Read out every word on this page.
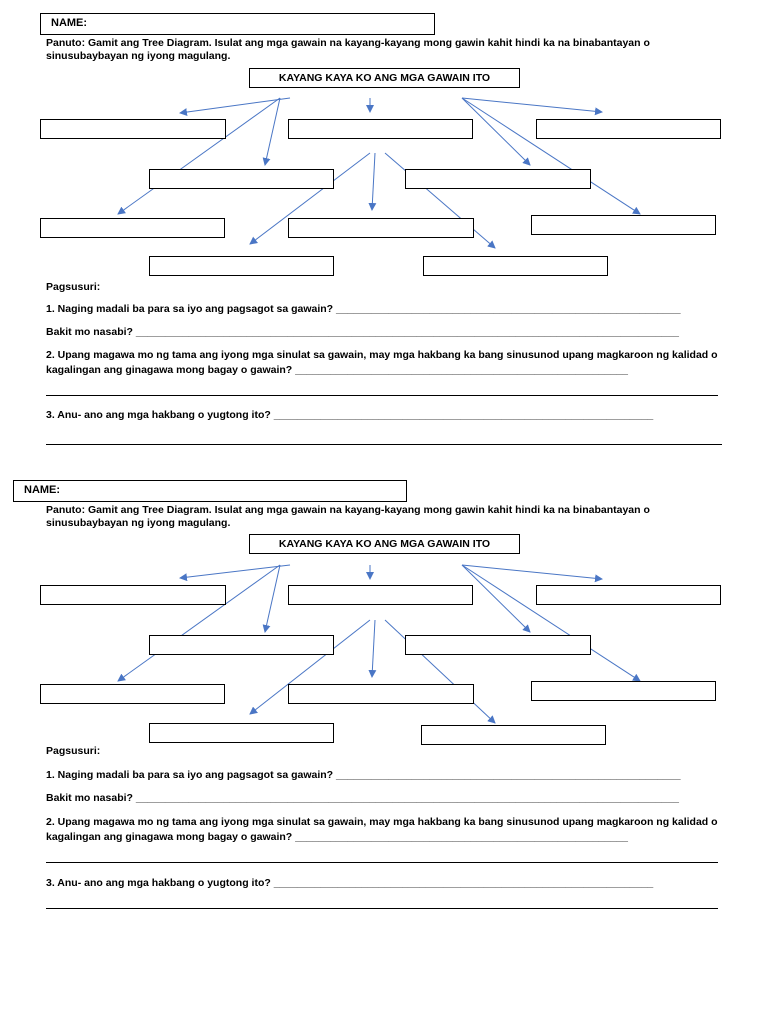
NAME:
Panuto: Gamit ang Tree Diagram. Isulat ang mga gawain na kayang-kayang mong gawin kahit hindi ka na binabantayan o sinusubaybayan ng iyong magulang.
KAYANG KAYA KO ANG MGA GAWAIN ITO
Pagsusuri:
1. Naging madali ba para sa iyo ang pagsagot sa gawain? ___________________________________________________________
Bakit mo nasabi? _____________________________________________________________________________________________
2. Upang magawa mo ng tama ang iyong mga sinulat sa gawain, may mga hakbang ka bang sinusunod upang magkaroon ng kalidad o kagalingan ang ginagawa mong bagay o gawain? _________________________________________________________
3. Anu- ano ang mga hakbang o yugtong ito? _________________________________________________________________
NAME:
Panuto: Gamit ang Tree Diagram. Isulat ang mga gawain na kayang-kayang mong gawin kahit hindi ka na binabantayan o sinusubaybayan ng iyong magulang.
KAYANG KAYA KO ANG MGA GAWAIN ITO
Pagsusuri:
1. Naging madali ba para sa iyo ang pagsagot sa gawain? ___________________________________________________________
Bakit mo nasabi? _____________________________________________________________________________________________
2. Upang magawa mo ng tama ang iyong mga sinulat sa gawain, may mga hakbang ka bang sinusunod upang magkaroon ng kalidad o kagalingan ang ginagawa mong bagay o gawain? _________________________________________________________
3. Anu- ano ang mga hakbang o yugtong ito? _________________________________________________________________
